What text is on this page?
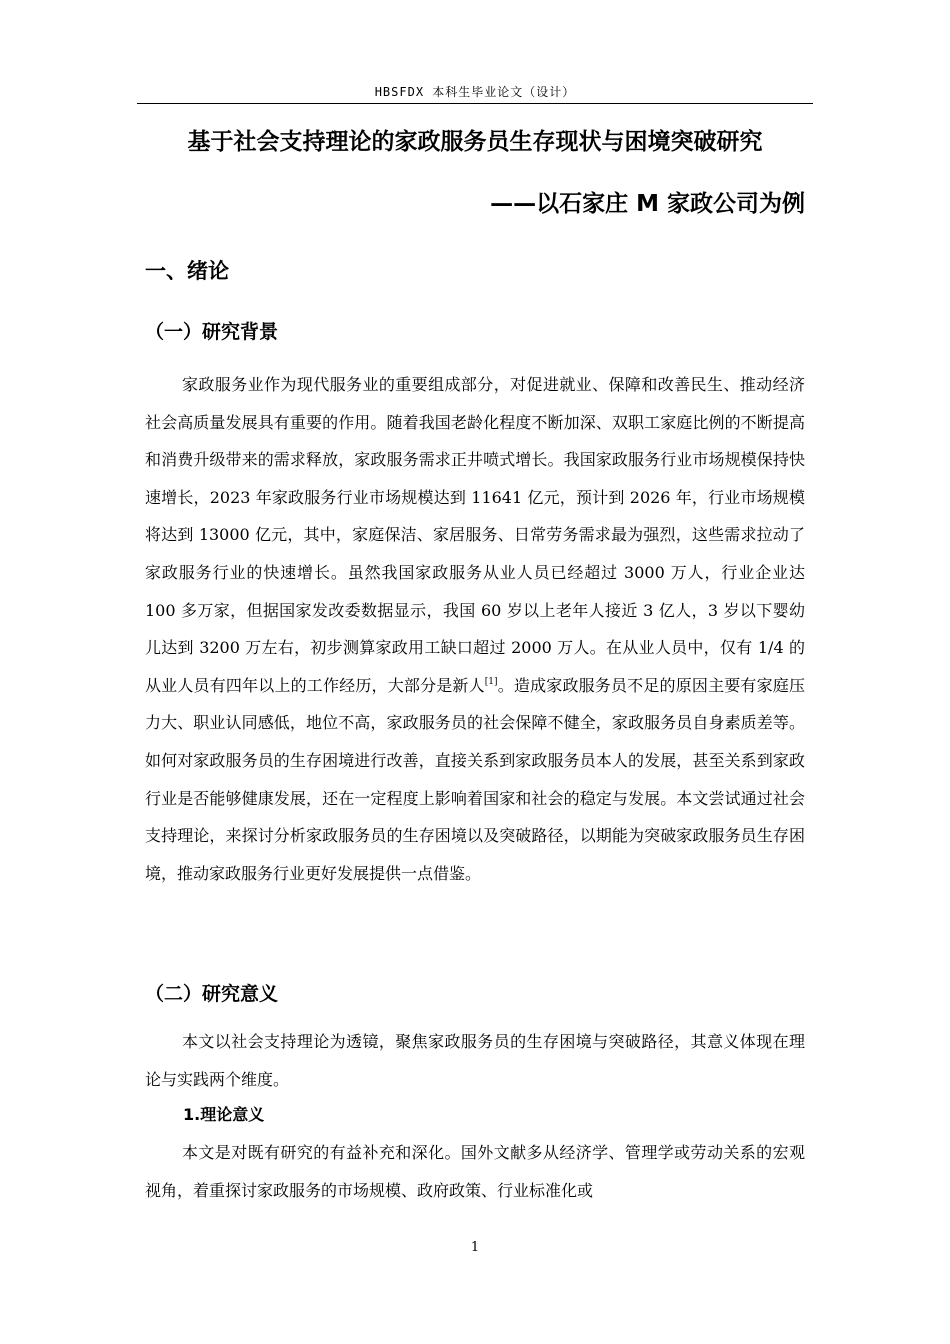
HBSFDX 本科生毕业论文（设计）
基于社会支持理论的家政服务员生存现状与困境突破研究
——以石家庄 M 家政公司为例
一、绪论
（一）研究背景

家政服务业作为现代服务业的重要组成部分，对促进就业、保障和改善民生、推动经济社会高质量发展具有重要的作用。随着我国老龄化程度不断加深、双职工家庭比例的不断提高和消费升级带来的需求释放，家政服务需求正井喷式增长。我国家政服务行业市场规模保持快速增长，2023 年家政服务行业市场规模达到 11641 亿元，预计到 2026 年，行业市场规模将达到 13000 亿元，其中，家庭保洁、家居服务、日常劳务需求最为强烈，这些需求拉动了家政服务行业的快速增长。虽然我国家政服务从业人员已经超过 3000 万人，行业企业达 100 多万家，但据国家发改委数据显示，我国 60 岁以上老年人接近 3 亿人，3 岁以下婴幼儿达到 3200 万左右，初步测算家政用工缺口超过 2000 万人。在从业人员中，仅有 1/4 的从业人员有四年以上的工作经历，大部分是新人[1]。造成家政服务员不足的原因主要有家庭压力大、职业认同感低，地位不高，家政服务员的社会保障不健全，家政服务员自身素质差等。如何对家政服务员的生存困境进行改善，直接关系到家政服务员本人的发展，甚至关系到家政行业是否能够健康发展，还在一定程度上影响着国家和社会的稳定与发展。本文尝试通过社会支持理论，来探讨分析家政服务员的生存困境以及突破路径，以期能为突破家政服务员生存困境，推动家政服务行业更好发展提供一点借鉴。

（二）研究意义

本文以社会支持理论为透镜，聚焦家政服务员的生存困境与突破路径，其意义体现在理论与实践两个维度。

1.理论意义

本文是对既有研究的有益补充和深化。国外文献多从经济学、管理学或劳动关系的宏观视角，着重探讨家政服务的市场规模、政府政策、行业标准化或

1
